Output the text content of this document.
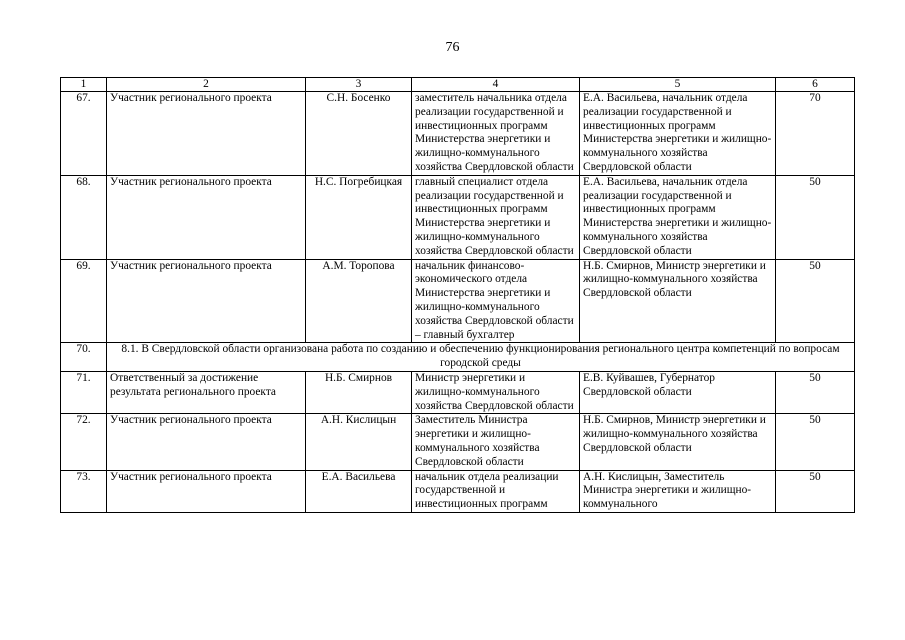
76
1	2	3	4	5	6
67.	Участник регионального проекта	С.Н. Босенко	заместитель начальника отдела реализации государственной и инвестиционных программ Министерства энергетики и жилищно-коммунального хозяйства Свердловской области	Е.А. Васильева, начальник отдела реализации государственной и инвестиционных программ Министерства энергетики и жилищно-коммунального хозяйства Свердловской области	70
68.	Участник регионального проекта	Н.С. Погребицкая	главный специалист отдела реализации государственной и инвестиционных программ Министерства энергетики и жилищно-коммунального хозяйства Свердловской области	Е.А. Васильева, начальник отдела реализации государственной и инвестиционных программ Министерства энергетики и жилищно-коммунального хозяйства Свердловской области	50
69.	Участник регионального проекта	А.М. Торопова	начальник финансово-экономического отдела Министерства энергетики и жилищно-коммунального хозяйства Свердловской области – главный бухгалтер	Н.Б. Смирнов, Министр энергетики и жилищно-коммунального хозяйства Свердловской области	50
70.	8.1. В Свердловской области организована работа по созданию и обеспечению функционирования регионального центра компетенций по вопросам городской среды				
71.	Ответственный за достижение результата регионального проекта	Н.Б. Смирнов	Министр энергетики и жилищно-коммунального хозяйства Свердловской области	Е.В. Куйвашев, Губернатор Свердловской области	50
72.	Участник регионального проекта	А.Н. Кислицын	Заместитель Министра энергетики и жилищно-коммунального хозяйства Свердловской области	Н.Б. Смирнов, Министр энергетики и жилищно-коммунального хозяйства Свердловской области	50
73.	Участник регионального проекта	Е.А. Васильева	начальник отдела реализации государственной и инвестиционных программ	А.Н. Кислицын, Заместитель Министра энергетики и жилищно-коммунального	50
